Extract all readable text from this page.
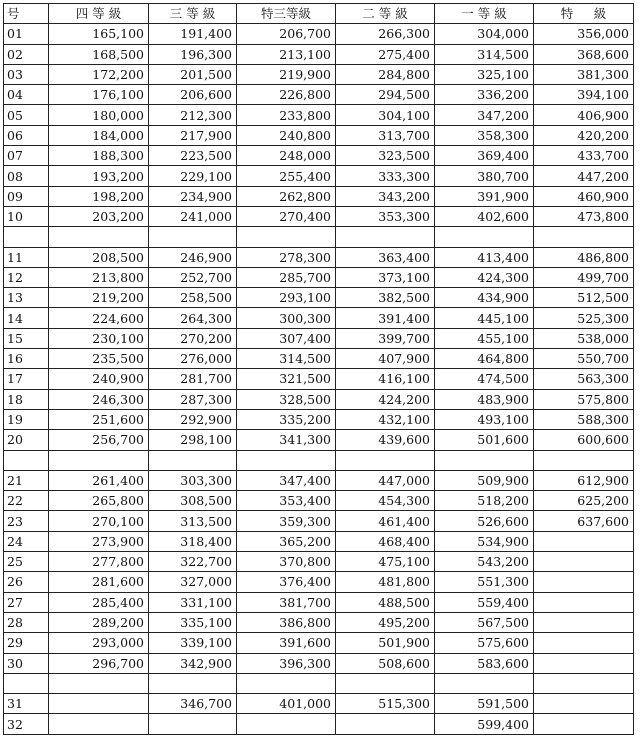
号	四 等 級	三 等 級	特三等級	二 等 級	一 等 級	特 　 級
01	165,100	191,400	206,700	266,300	304,000	356,000
02	168,500	196,300	213,100	275,400	314,500	368,600
03	172,200	201,500	219,900	284,800	325,100	381,300
04	176,100	206,600	226,800	294,500	336,200	394,100
05	180,000	212,300	233,800	304,100	347,200	406,900
06	184,000	217,900	240,800	313,700	358,300	420,200
07	188,300	223,500	248,000	323,500	369,400	433,700
08	193,200	229,100	255,400	333,300	380,700	447,200
09	198,200	234,900	262,800	343,200	391,900	460,900
10	203,200	241,000	270,400	353,300	402,600	473,800

11	208,500	246,900	278,300	363,400	413,400	486,800
12	213,800	252,700	285,700	373,100	424,300	499,700
13	219,200	258,500	293,100	382,500	434,900	512,500
14	224,600	264,300	300,300	391,400	445,100	525,300
15	230,100	270,200	307,400	399,700	455,100	538,000
16	235,500	276,000	314,500	407,900	464,800	550,700
17	240,900	281,700	321,500	416,100	474,500	563,300
18	246,300	287,300	328,500	424,200	483,900	575,800
19	251,600	292,900	335,200	432,100	493,100	588,300
20	256,700	298,100	341,300	439,600	501,600	600,600

21	261,400	303,300	347,400	447,000	509,900	612,900
22	265,800	308,500	353,400	454,300	518,200	625,200
23	270,100	313,500	359,300	461,400	526,600	637,600
24	273,900	318,400	365,200	468,400	534,900	
25	277,800	322,700	370,800	475,100	543,200	
26	281,600	327,000	376,400	481,800	551,300	
27	285,400	331,100	381,700	488,500	559,400	
28	289,200	335,100	386,800	495,200	567,500	
29	293,000	339,100	391,600	501,900	575,600	
30	296,700	342,900	396,300	508,600	583,600	

31		346,700	401,000	515,300	591,500	
32					599,400	
